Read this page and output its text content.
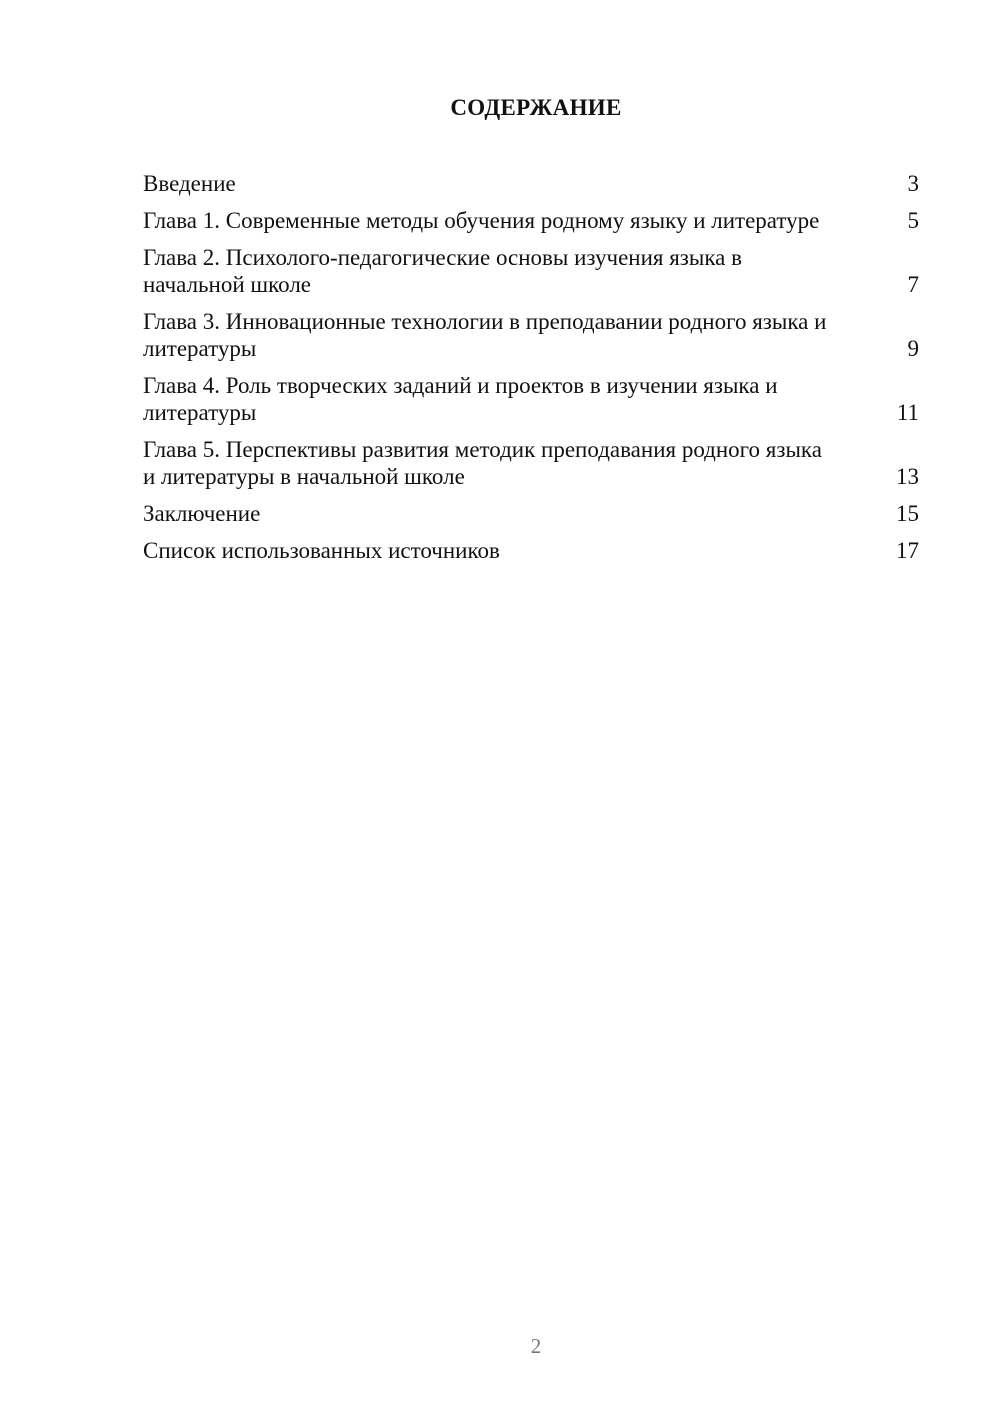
СОДЕРЖАНИЕ
Введение	3
Глава 1. Современные методы обучения родному языку и литературе	5
Глава 2. Психолого-педагогические основы изучения языка в начальной школе	7
Глава 3. Инновационные технологии в преподавании родного языка и литературы	9
Глава 4. Роль творческих заданий и проектов в изучении языка и литературы	11
Глава 5. Перспективы развития методик преподавания родного языка и литературы в начальной школе	13
Заключение	15
Список использованных источников	17
2
